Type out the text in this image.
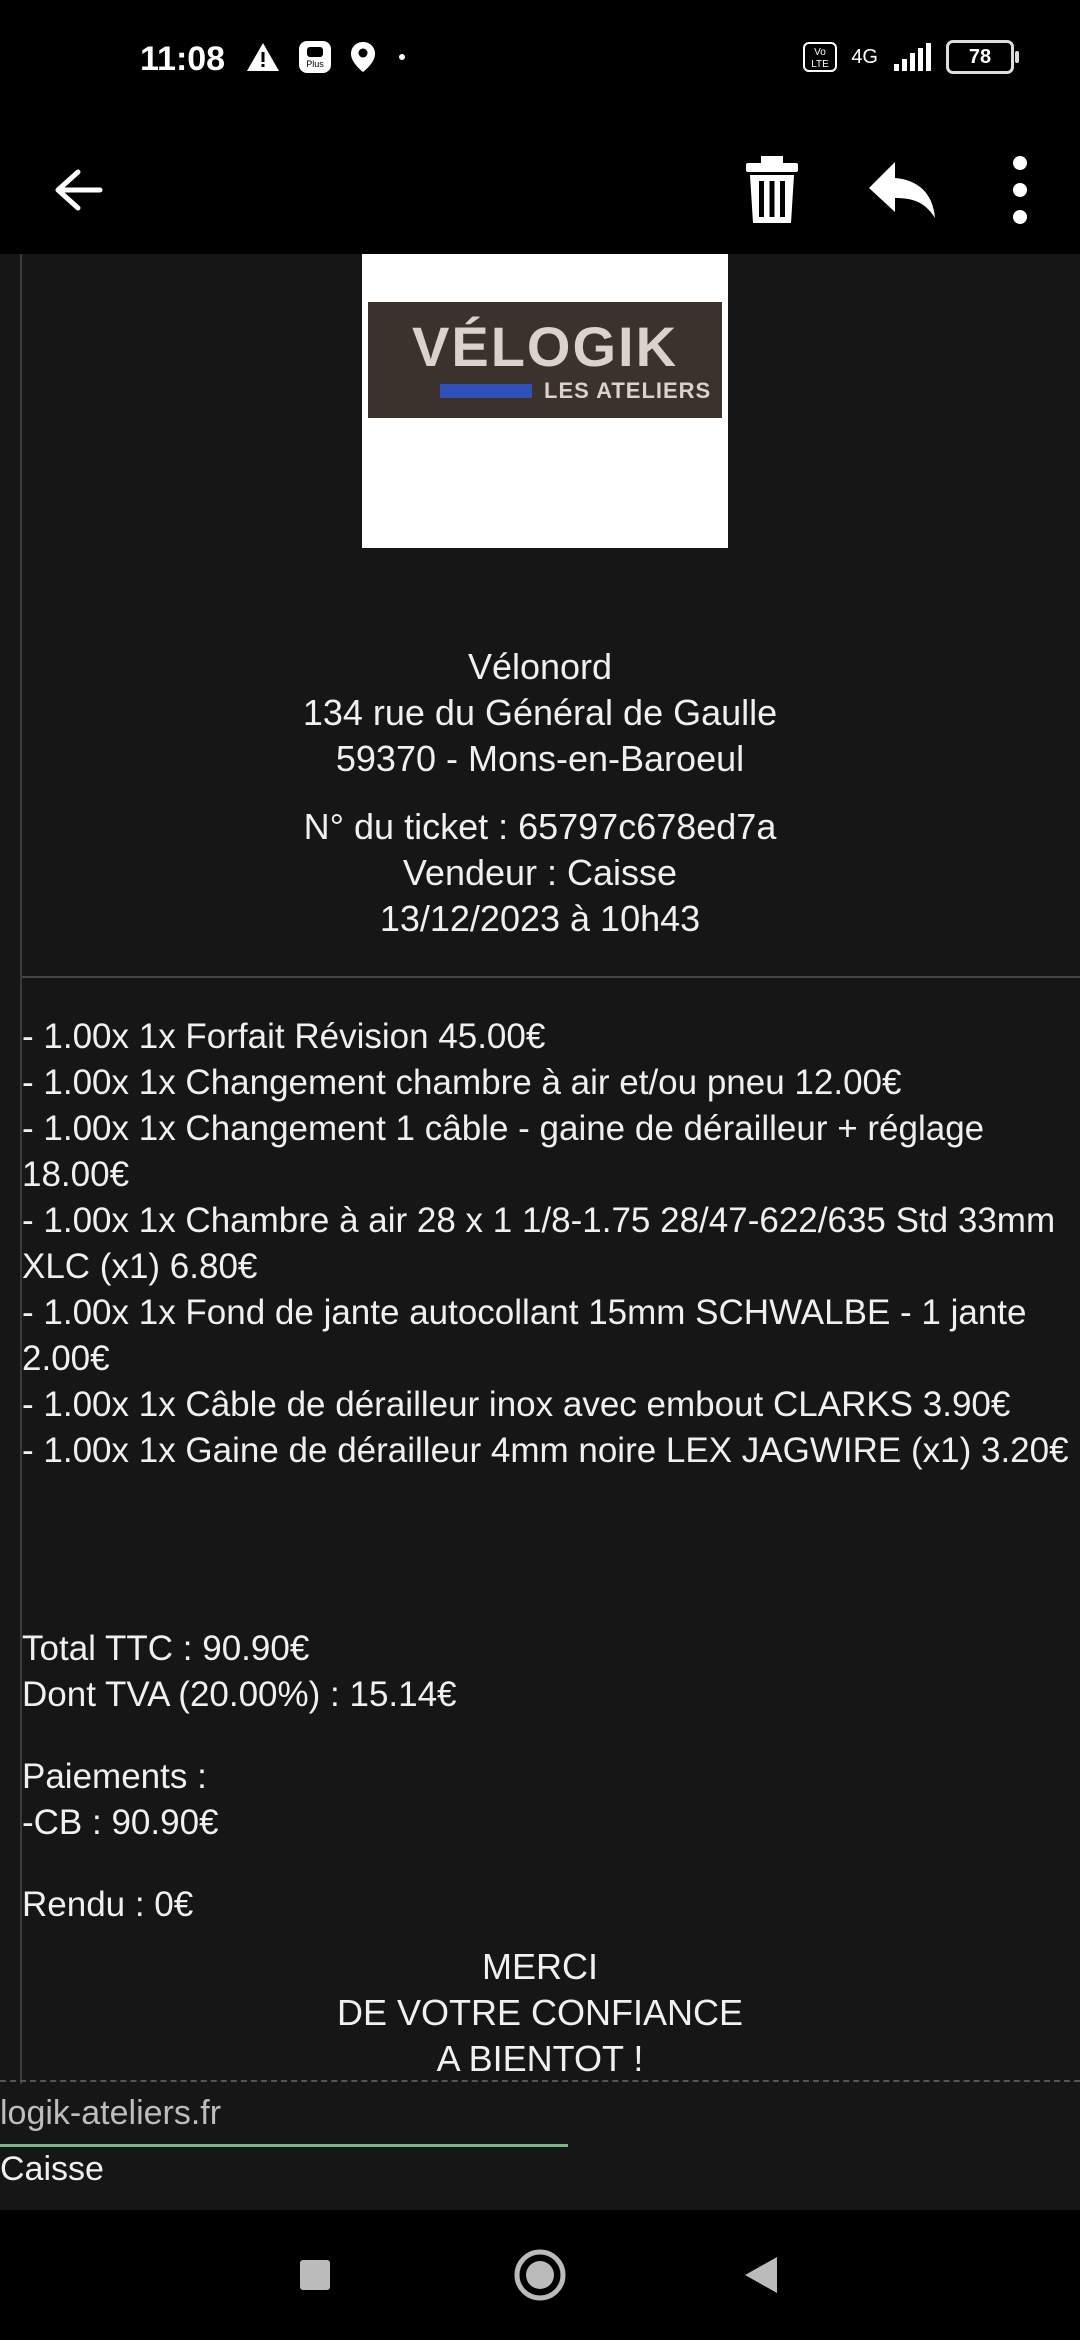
11:08	Plus
Vo
LTE 4G	78
VÉLOGIK
LES ATELIERS
Vélonord
134 rue du Général de Gaulle
59370 - Mons-en-Baroeul
N° du ticket : 65797c678ed7a
Vendeur : Caisse
13/12/2023 à 10h43
- 1.00x 1x Forfait Révision 45.00€
- 1.00x 1x Changement chambre à air et/ou pneu 12.00€
- 1.00x 1x Changement 1 câble - gaine de dérailleur + réglage 18.00€
- 1.00x 1x Chambre à air 28 x 1 1/8-1.75 28/47-622/635 Std 33mm XLC (x1) 6.80€
- 1.00x 1x Fond de jante autocollant 15mm SCHWALBE - 1 jante 2.00€
- 1.00x 1x Câble de dérailleur inox avec embout CLARKS 3.90€
- 1.00x 1x Gaine de dérailleur 4mm noire LEX JAGWIRE (x1) 3.20€
Total TTC : 90.90€
Dont TVA (20.00%) : 15.14€
Paiements :
-CB : 90.90€
Rendu : 0€
MERCI
DE VOTRE CONFIANCE
A BIENTOT !
logik-ateliers.fr
Caisse
